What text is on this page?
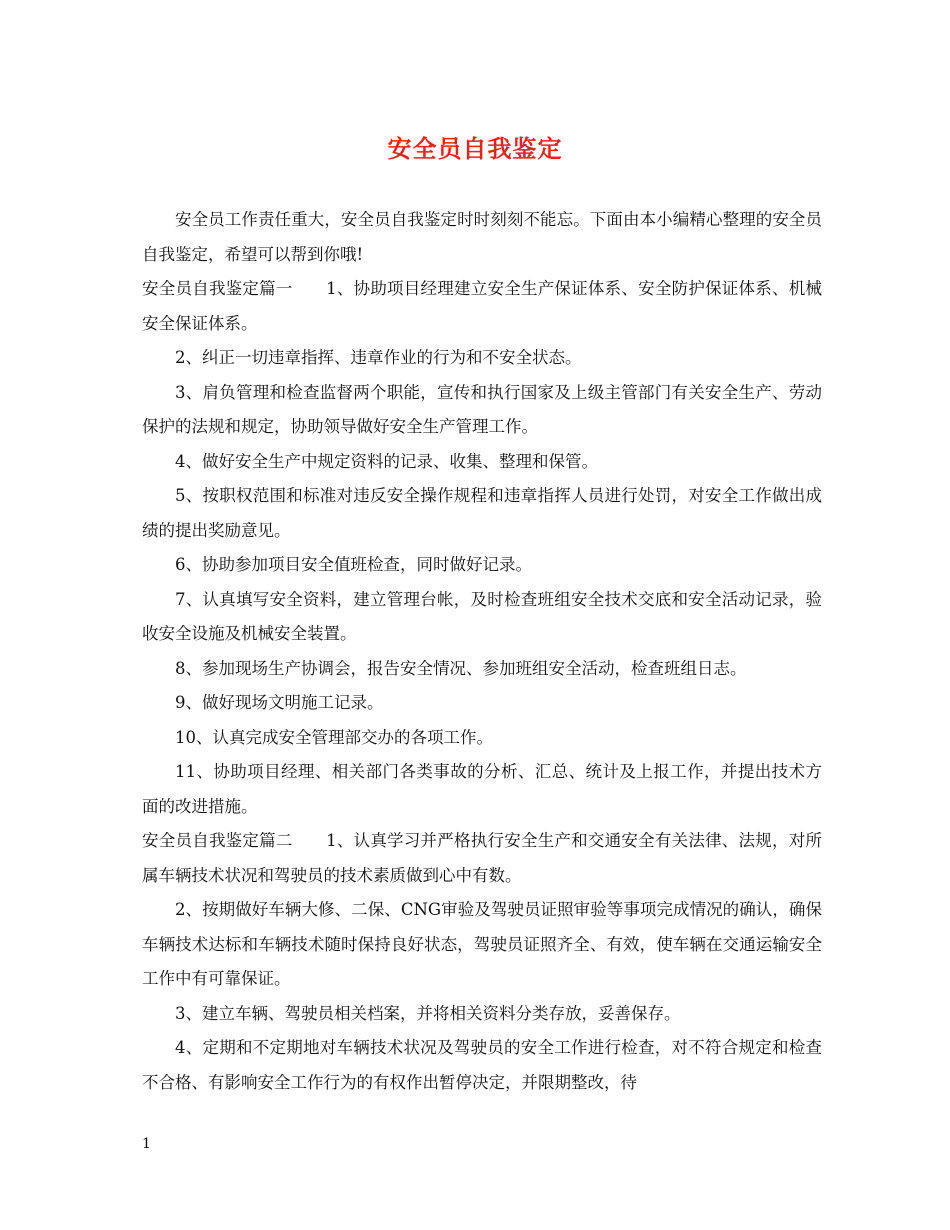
安全员自我鉴定

安全员工作责任重大，安全员自我鉴定时时刻刻不能忘。下面由本小编精心整理的安全员自我鉴定，希望可以帮到你哦!

安全员自我鉴定篇一　　1、协助项目经理建立安全生产保证体系、安全防护保证体系、机械安全保证体系。

2、纠正一切违章指挥、违章作业的行为和不安全状态。

3、肩负管理和检查监督两个职能，宣传和执行国家及上级主管部门有关安全生产、劳动保护的法规和规定，协助领导做好安全生产管理工作。

4、做好安全生产中规定资料的记录、收集、整理和保管。

5、按职权范围和标准对违反安全操作规程和违章指挥人员进行处罚，对安全工作做出成绩的提出奖励意见。

6、协助参加项目安全值班检查，同时做好记录。

7、认真填写安全资料，建立管理台帐，及时检查班组安全技术交底和安全活动记录，验收安全设施及机械安全装置。

8、参加现场生产协调会，报告安全情况、参加班组安全活动，检查班组日志。

9、做好现场文明施工记录。

10、认真完成安全管理部交办的各项工作。

11、协助项目经理、相关部门各类事故的分析、汇总、统计及上报工作，并提出技术方面的改进措施。

安全员自我鉴定篇二　　1、认真学习并严格执行安全生产和交通安全有关法律、法规，对所属车辆技术状况和驾驶员的技术素质做到心中有数。

2、按期做好车辆大修、二保、CNG审验及驾驶员证照审验等事项完成情况的确认，确保车辆技术达标和车辆技术随时保持良好状态，驾驶员证照齐全、有效，使车辆在交通运输安全工作中有可靠保证。

3、建立车辆、驾驶员相关档案，并将相关资料分类存放，妥善保存。

4、定期和不定期地对车辆技术状况及驾驶员的安全工作进行检查，对不符合规定和检查不合格、有影响安全工作行为的有权作出暂停决定，并限期整改，待

1
